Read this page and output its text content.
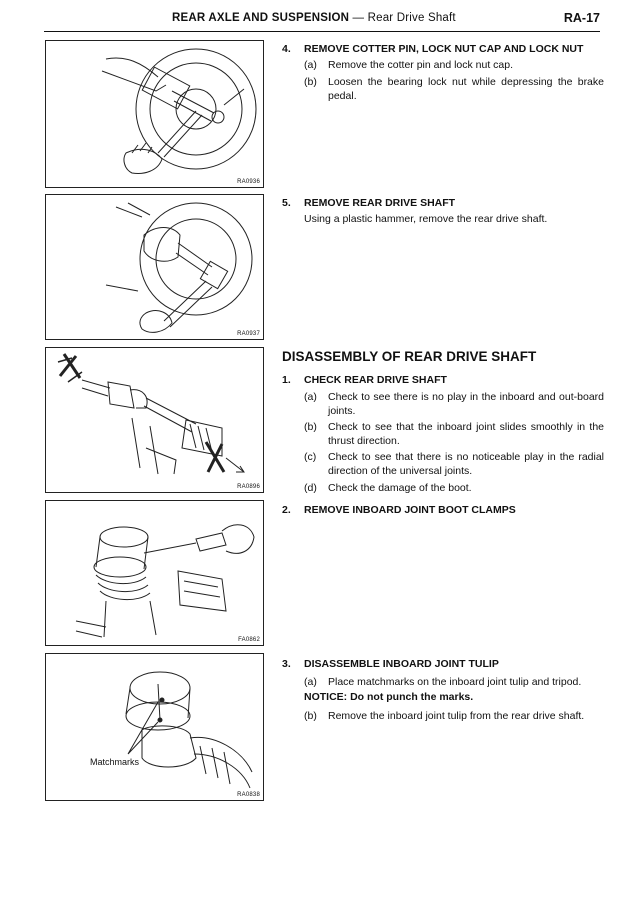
REAR AXLE AND SUSPENSION — Rear Drive Shaft	RA-17
RA0936
RA0937
RA0896
FA0862
Matchmarks
RA0838
4. REMOVE COTTER PIN, LOCK NUT CAP AND LOCK NUT
(a) Remove the cotter pin and lock nut cap.
(b) Loosen the bearing lock nut while depressing the brake pedal.
5. REMOVE REAR DRIVE SHAFT
Using a plastic hammer, remove the rear drive shaft.
DISASSEMBLY OF REAR DRIVE SHAFT
1. CHECK REAR DRIVE SHAFT
(a) Check to see there is no play in the inboard and out-board joints.
(b) Check to see that the inboard joint slides smoothly in the thrust direction.
(c) Check to see that there is no noticeable play in the radial direction of the universal joints.
(d) Check the damage of the boot.
2. REMOVE INBOARD JOINT BOOT CLAMPS
3. DISASSEMBLE INBOARD JOINT TULIP
(a) Place matchmarks on the inboard joint tulip and tripod.
NOTICE: Do not punch the marks.
(b) Remove the inboard joint tulip from the rear drive shaft.
